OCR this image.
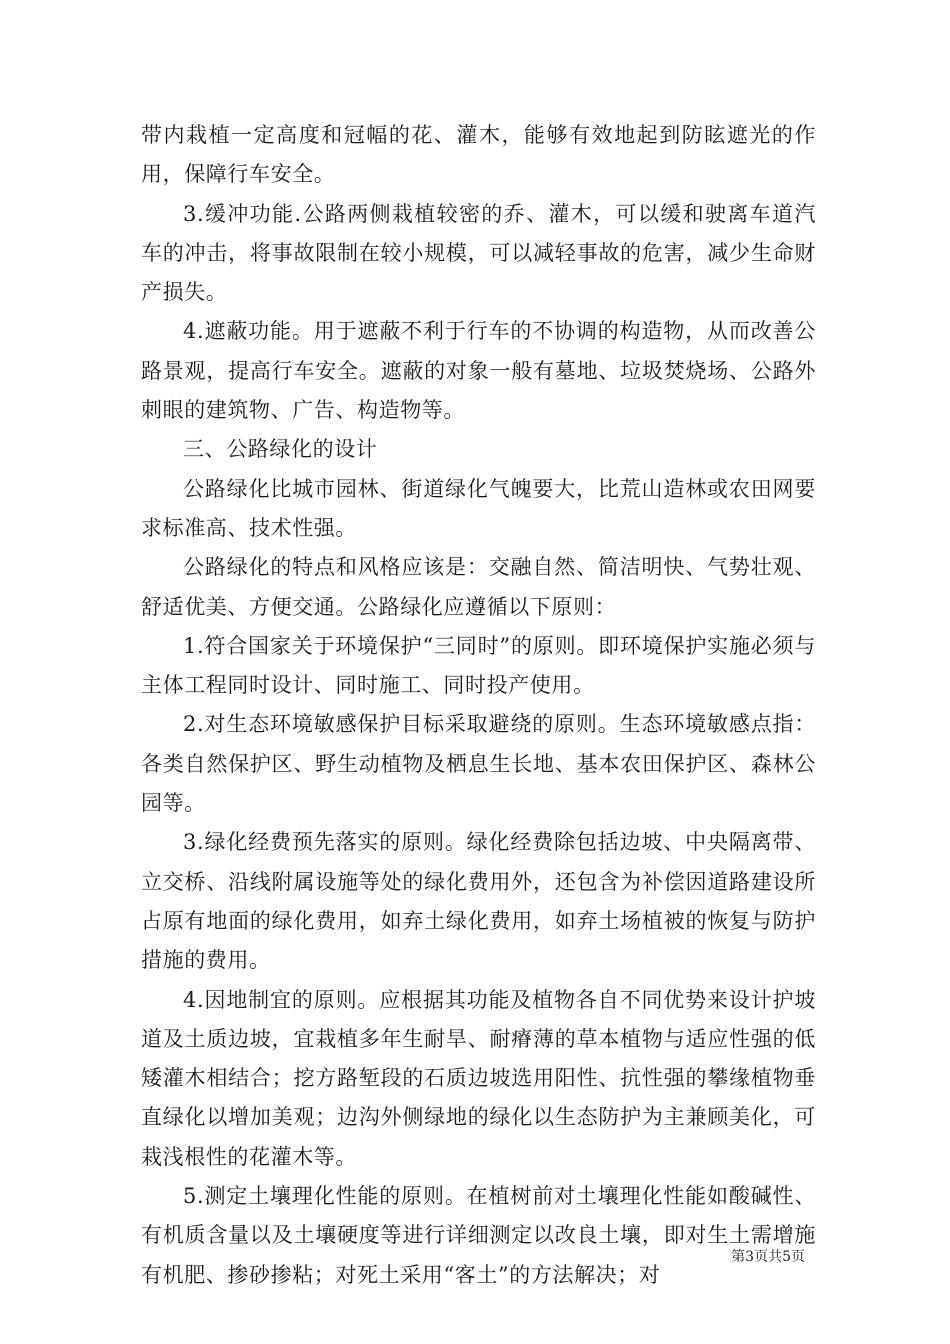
带内栽植一定高度和冠幅的花、灌木，能够有效地起到防眩遮光的作用，保障行车安全。

3.缓冲功能.公路两侧栽植较密的乔、灌木，可以缓和驶离车道汽车的冲击，将事故限制在较小规模，可以减轻事故的危害，减少生命财产损失。

4.遮蔽功能。用于遮蔽不利于行车的不协调的构造物，从而改善公路景观，提高行车安全。遮蔽的对象一般有墓地、垃圾焚烧场、公路外刺眼的建筑物、广告、构造物等。

三、公路绿化的设计

公路绿化比城市园林、街道绿化气魄要大，比荒山造林或农田网要求标准高、技术性强。

公路绿化的特点和风格应该是：交融自然、简洁明快、气势壮观、舒适优美、方便交通。公路绿化应遵循以下原则：

1.符合国家关于环境保护“三同时”的原则。即环境保护实施必须与主体工程同时设计、同时施工、同时投产使用。

2.对生态环境敏感保护目标采取避绕的原则。生态环境敏感点指：各类自然保护区、野生动植物及栖息生长地、基本农田保护区、森林公园等。

3.绿化经费预先落实的原则。绿化经费除包括边坡、中央隔离带、立交桥、沿线附属设施等处的绿化费用外，还包含为补偿因道路建设所占原有地面的绿化费用，如弃土绿化费用，如弃土场植被的恢复与防护措施的费用。

4.因地制宜的原则。应根据其功能及植物各自不同优势来设计护坡道及土质边坡，宜栽植多年生耐旱、耐瘠薄的草本植物与适应性强的低矮灌木相结合；挖方路堑段的石质边坡选用阳性、抗性强的攀缘植物垂直绿化以增加美观；边沟外侧绿地的绿化以生态防护为主兼顾美化，可栽浅根性的花灌木等。

5.测定土壤理化性能的原则。在植树前对土壤理化性能如酸碱性、有机质含量以及土壤硬度等进行详细测定以改良土壤，即对生土需增施有机肥、掺砂掺粘；对死土采用“客土”的方法解决；对

第3页共5页
